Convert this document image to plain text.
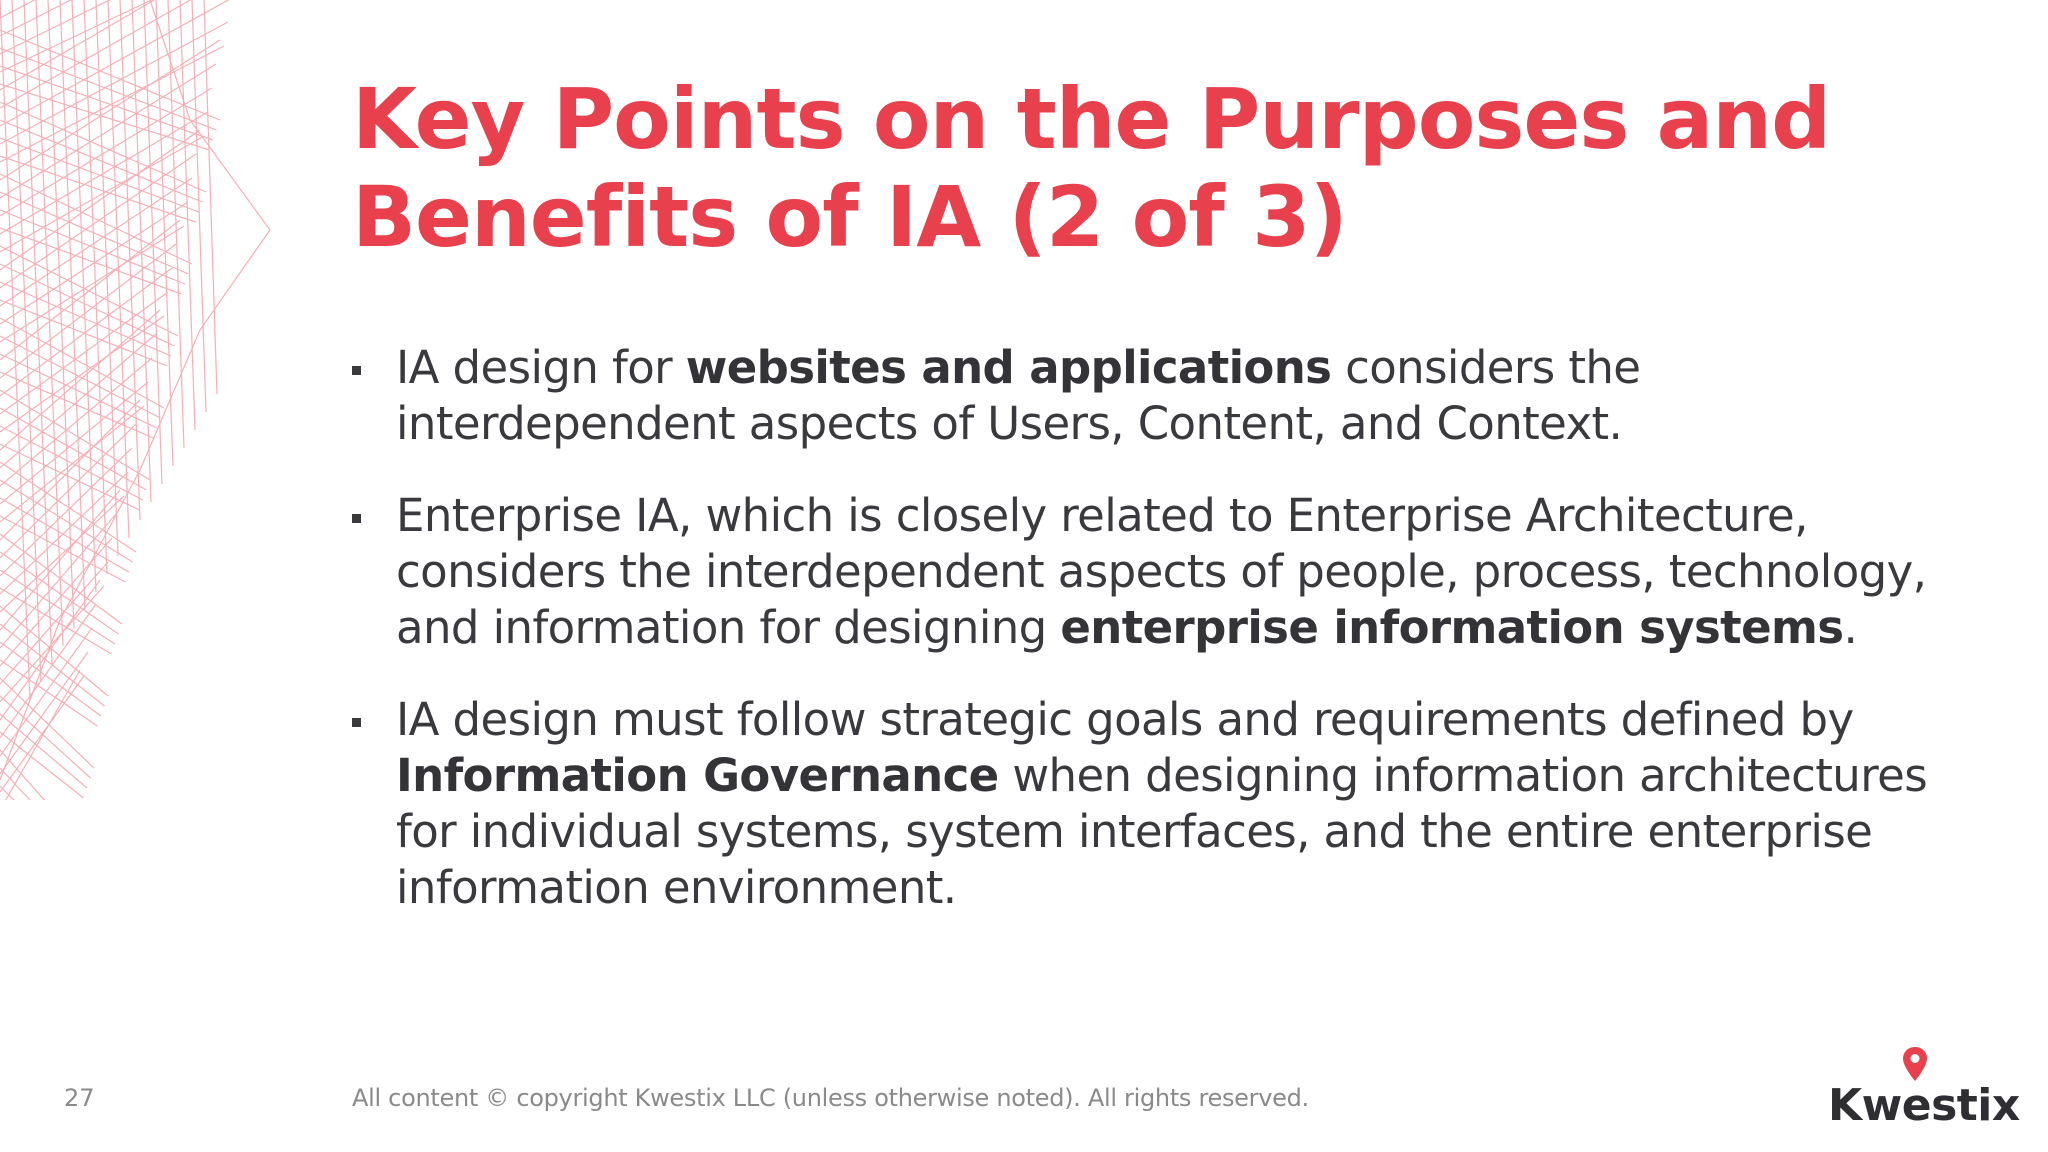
Key Points on the Purposes and
Benefits of IA (2 of 3)
IA design for websites and applications considers the interdependent aspects of Users, Content, and Context.
Enterprise IA, which is closely related to Enterprise Architecture, considers the interdependent aspects of people, process, technology, and information for designing enterprise information systems.
IA design must follow strategic goals and requirements defined by Information Governance when designing information architectures for individual systems, system interfaces, and the entire enterprise information environment.
27	All content © copyright Kwestix LLC (unless otherwise noted). All rights reserved.	Kwestix
